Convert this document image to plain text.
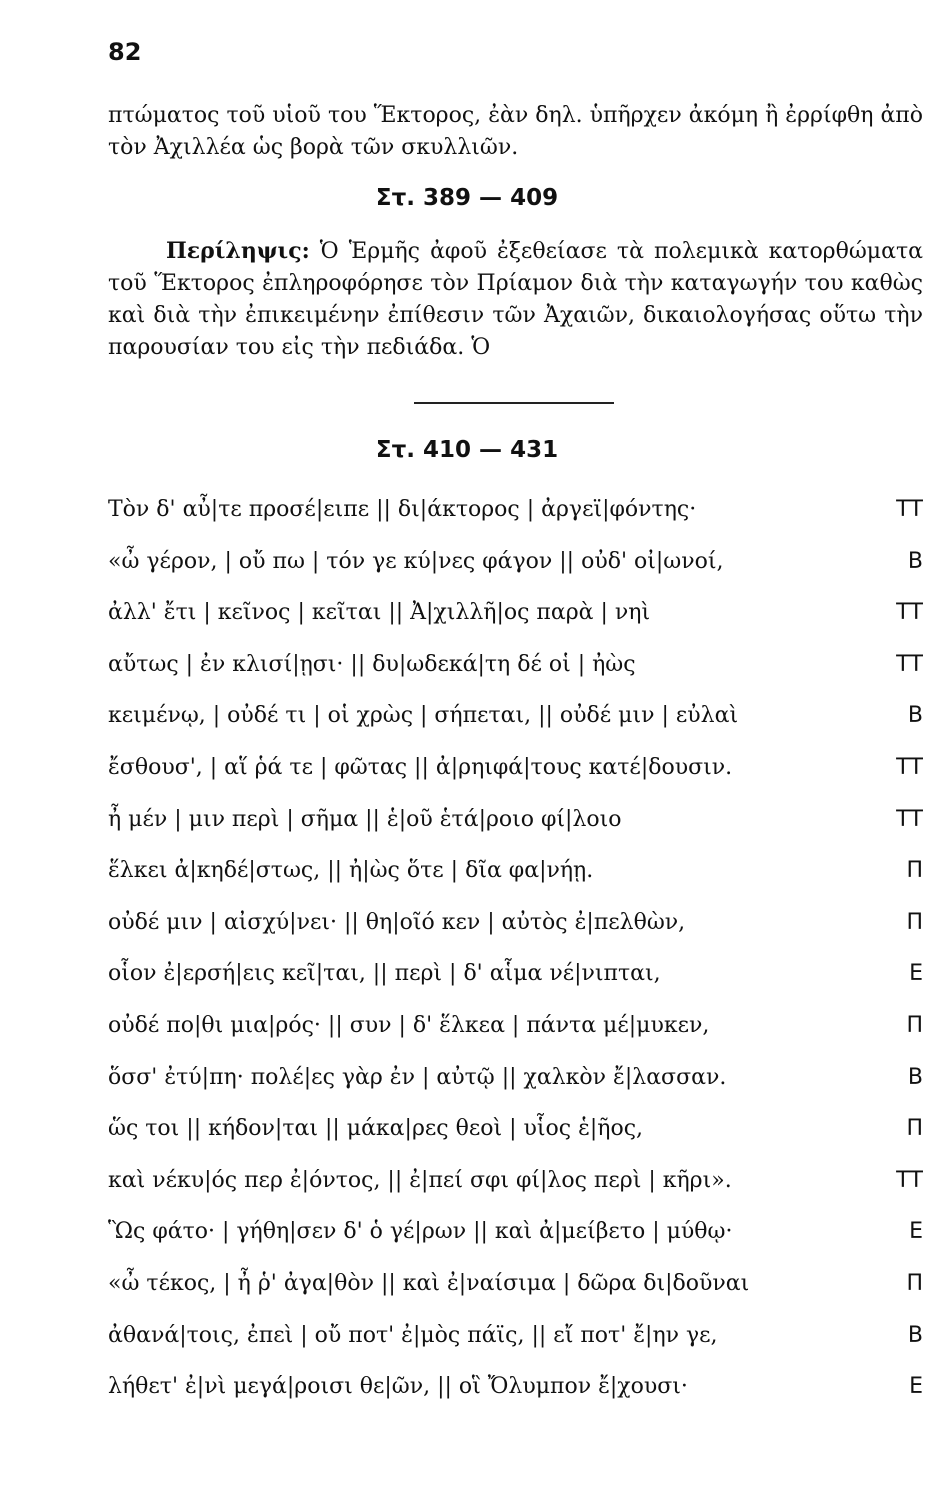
82
πτώματος τοῦ υἱοῦ του Ἕκτορος, ἐὰν δηλ. ὑπῆρχεν ἀκόμη ἢ ἐρρίφθη ἀπὸ τὸν Ἀχιλλέα ὡς βορὰ τῶν σκυλλιῶν.
Στ. 389 — 409
Περίληψις: Ὁ Ἑρμῆς ἀφοῦ ἐξεθείασε τὰ πολεμικὰ κατορθώματα τοῦ Ἕκτορος ἐπληροφόρησε τὸν Πρίαμον διὰ τὴν καταγωγήν του καθὼς καὶ διὰ τὴν ἐπικειμένην ἐπίθεσιν τῶν Ἀχαιῶν, δικαιολογήσας οὕτω τὴν παρουσίαν του εἰς τὴν πεδιάδα. Ὁ
Στ. 410 — 431
Τὸν δ' αὖ|τε προσέ|ειπε || δι|άκτορος | ἀργεϊ|φόντης·	ΤΤ
«ὦ γέρον, | οὔ πω | τόν γε κύ|νες φάγον || οὐδ' οἰ|ωνοί,	Β
ἀλλ' ἔτι | κεῖνος | κεῖται || Ἀ|χιλλῆ|ος παρὰ | νηὶ	ΤΤ
αὔτως | ἐν κλισί|ῃσι· || δυ|ωδεκά|τη δέ οἱ | ἠὼς	ΤΤ
κειμένῳ, | οὐδέ τι | οἱ χρὼς | σήπεται, || οὐδέ μιν | εὐλαὶ	Β
ἔσθουσ', | αἵ ῥά τε | φῶτας || ἀ|ρηιφά|τους κατέ|δουσιν.	ΤΤ
ἦ μέν | μιν περὶ | σῆμα || ἑ|οῦ ἑτά|ροιο φί|λοιο	ΤΤ
ἕλκει ἀ|κηδέ|στως, || ἠ|ὼς ὅτε | δῖα φα|νήῃ.	Π
οὐδέ μιν | αἰσχύ|νει· || θη|οῖό κεν | αὐτὸς ἐ|πελθὼν,	Π
οἷον ἐ|ερσή|εις κεῖ|ται, || περὶ | δ' αἷμα νέ|νιπται,	Ε
οὐδέ πο|θι μια|ρός· || συν | δ' ἕλκεα | πάντα μέ|μυκεν,	Π
ὅσσ' ἐτύ|πη· πολέ|ες γὰρ ἐν | αὐτῷ || χαλκὸν ἔ|λασσαν.	Β
ὥς τοι || κήδον|ται || μάκα|ρες θεοὶ | υἷος ἑ|ῆος,	Π
καὶ νέκυ|ός περ ἐ|όντος, || ἐ|πεί σφι φί|λος περὶ | κῆρι».	ΤΤ
Ὣς φάτο· | γήθη|σεν δ' ὁ γέ|ρων || καὶ ἀ|μείβετο | μύθῳ·	Ε
«ὦ τέκος, | ἦ ῥ' ἀγα|θὸν || καὶ ἐ|ναίσιμα | δῶρα δι|δοῦναι	Π
ἀθανά|τοις, ἐπεὶ | οὔ ποτ' ἐ|μὸς πάϊς, || εἴ ποτ' ἔ|ην γε,	Β
λήθετ' ἐ|νὶ μεγά|ροισι θε|ῶν, || οἳ Ὄλυμπον ἔ|χουσι·	Ε
